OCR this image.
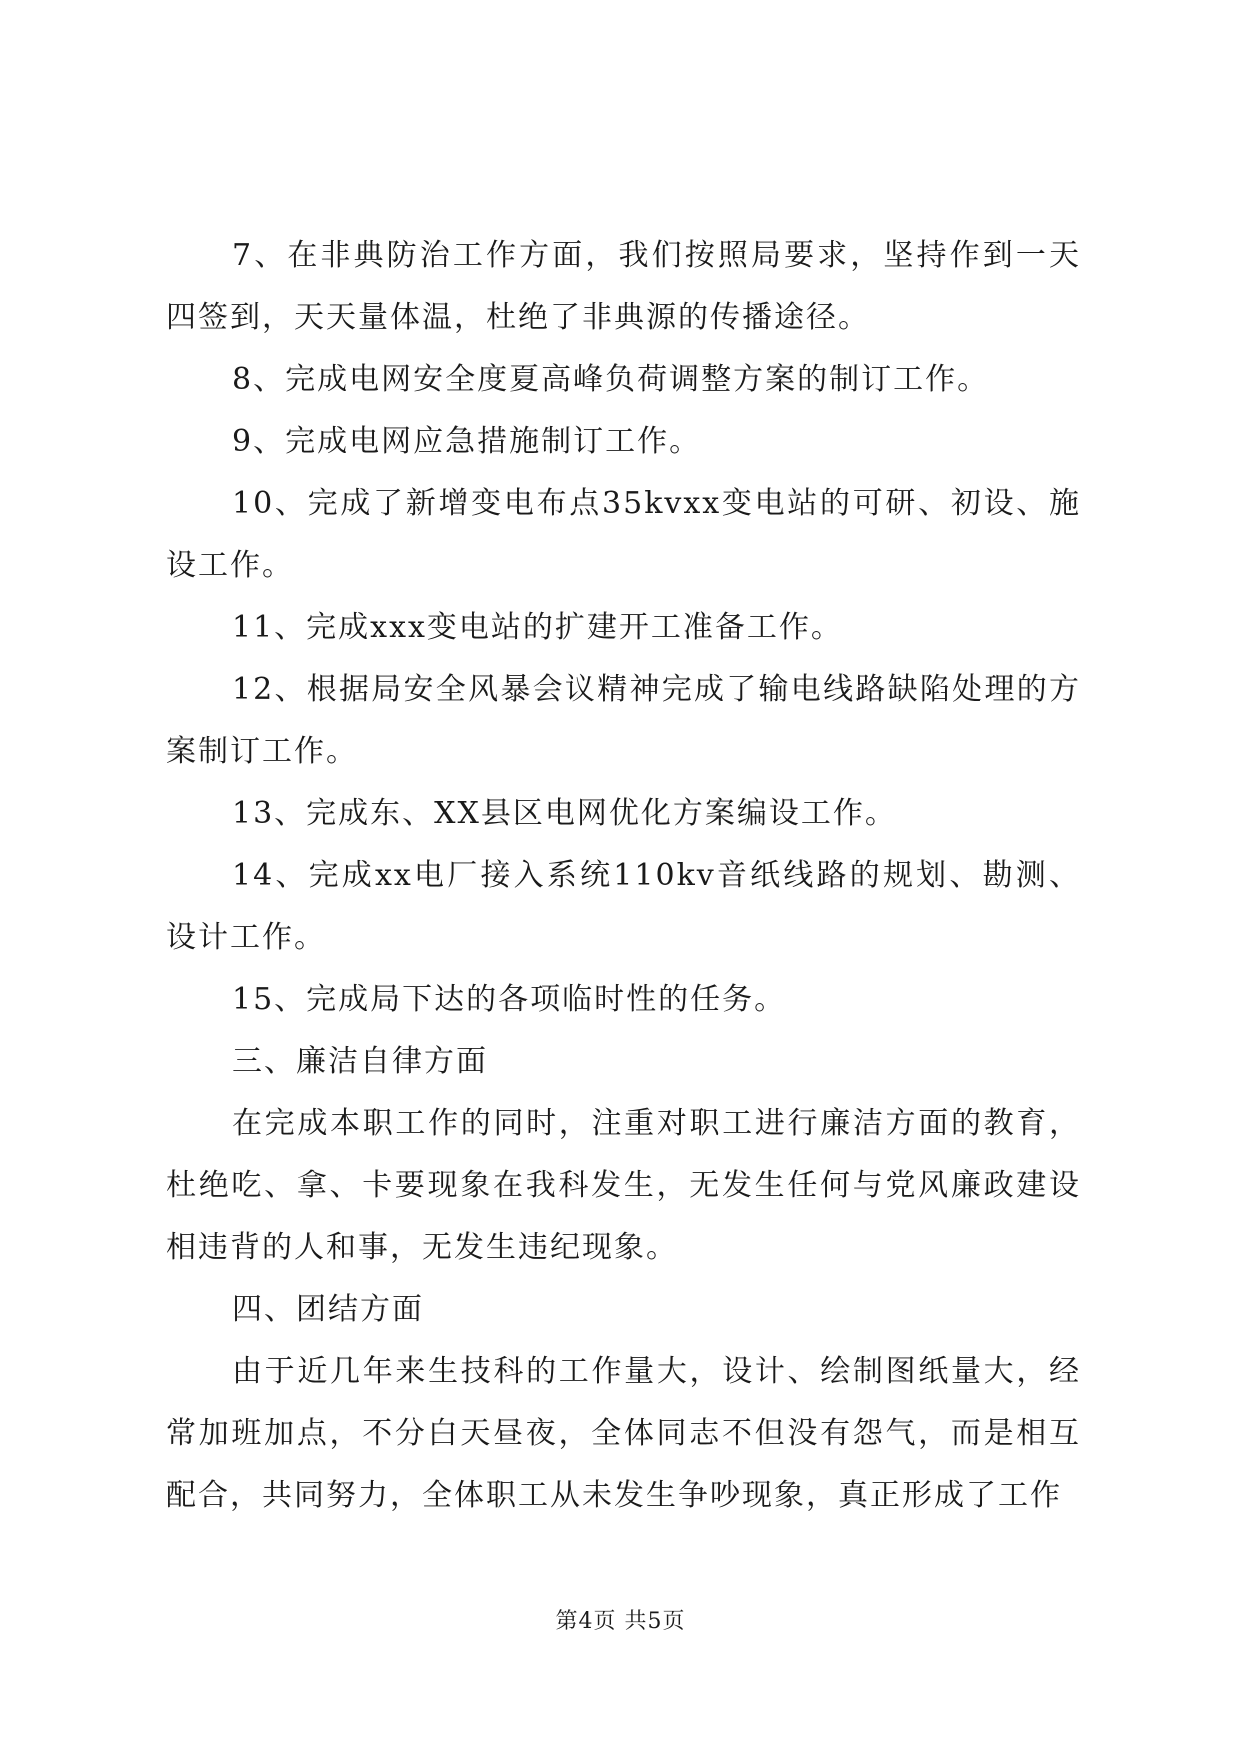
7、在非典防治工作方面，我们按照局要求，坚持作到一天四签到，天天量体温，杜绝了非典源的传播途径。

8、完成电网安全度夏高峰负荷调整方案的制订工作。

9、完成电网应急措施制订工作。

10、完成了新增变电布点35kvxx变电站的可研、初设、施设工作。

11、完成xxx变电站的扩建开工准备工作。

12、根据局安全风暴会议精神完成了输电线路缺陷处理的方案制订工作。

13、完成东、XX县区电网优化方案编设工作。

14、完成xx电厂接入系统110kv音纸线路的规划、勘测、设计工作。

15、完成局下达的各项临时性的任务。

三、廉洁自律方面

在完成本职工作的同时，注重对职工进行廉洁方面的教育，杜绝吃、拿、卡要现象在我科发生，无发生任何与党风廉政建设相违背的人和事，无发生违纪现象。

四、团结方面

由于近几年来生技科的工作量大，设计、绘制图纸量大，经常加班加点，不分白天昼夜，全体同志不但没有怨气，而是相互配合，共同努力，全体职工从未发生争吵现象，真正形成了工作

第4页 共5页
